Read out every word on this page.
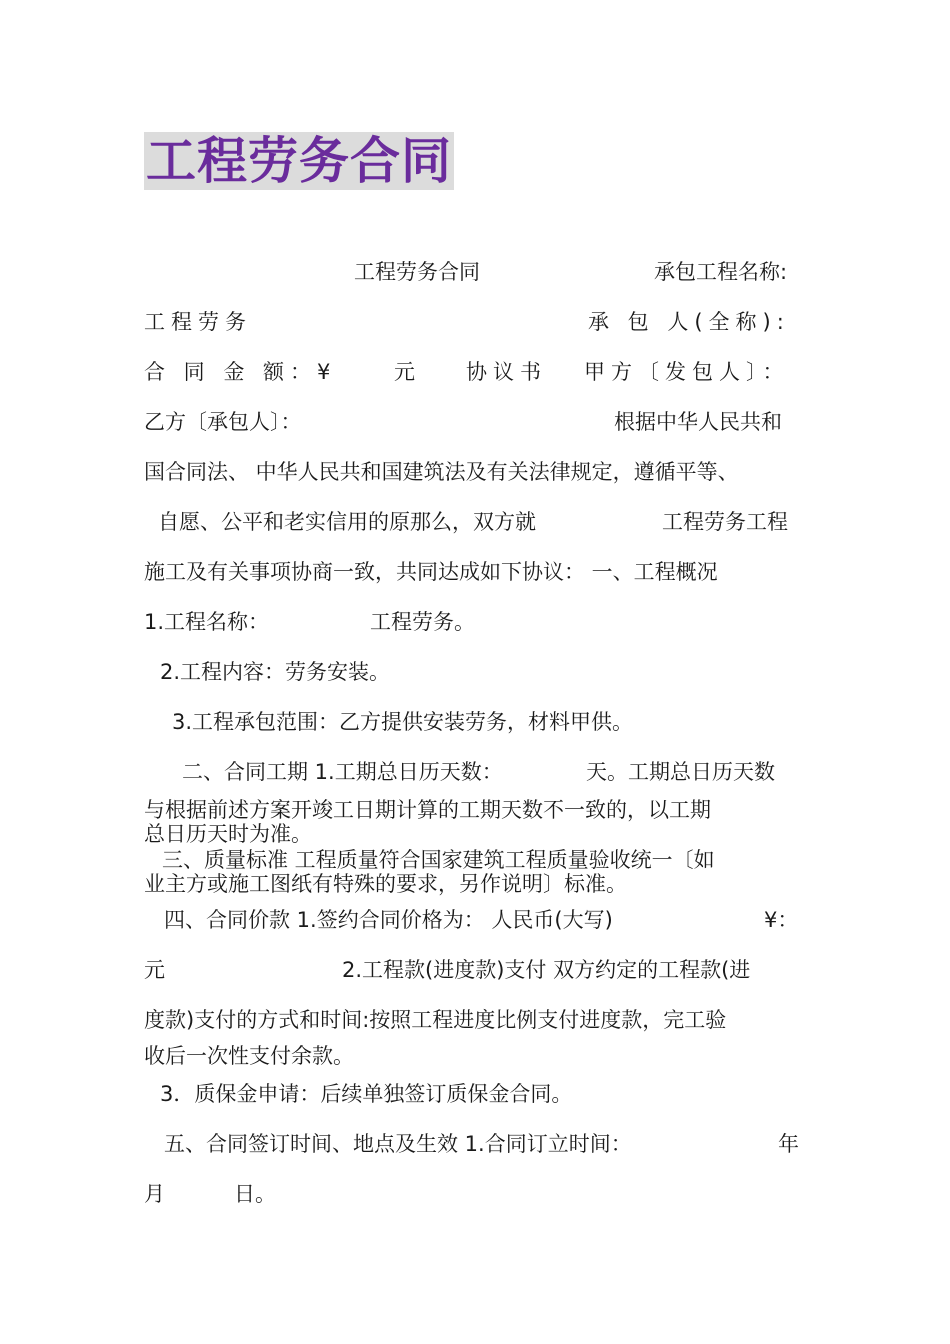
工程劳务合同
工程劳务合同	承包工程名称:
工程劳务	承 包 人(全称):
合 同 金 额：¥	元 协议书 甲方〔发包人〕：
乙方〔承包人〕：	根据中华人民共和
国合同法、 中华人民共和国建筑法及有关法律规定，遵循平等、
自愿、公平和老实信用的原那么，双方就	工程劳务工程
施工及有关事项协商一致，共同达成如下协议： 一、工程概况
1.工程名称：	工程劳务。
2.工程内容：劳务安装。
3.工程承包范围：乙方提供安装劳务，材料甲供。
二、合同工期 1.工期总日历天数：	天。工期总日历天数
与根据前述方案开竣工日期计算的工期天数不一致的，以工期
总日历天时为准。
三、质量标准 工程质量符合国家建筑工程质量验收统一〔如
业主方或施工图纸有特殊的要求，另作说明〕标准。
四、合同价款 1.签约合同价格为： 人民币(大写)	¥：
元	2.工程款(进度款)支付 双方约定的工程款(进
度款)支付的方式和时间:按照工程进度比例支付进度款，完工验
收后一次性支付余款。
3．质保金申请：后续单独签订质保金合同。
五、合同签订时间、地点及生效 1.合同订立时间：	年
月	日。
